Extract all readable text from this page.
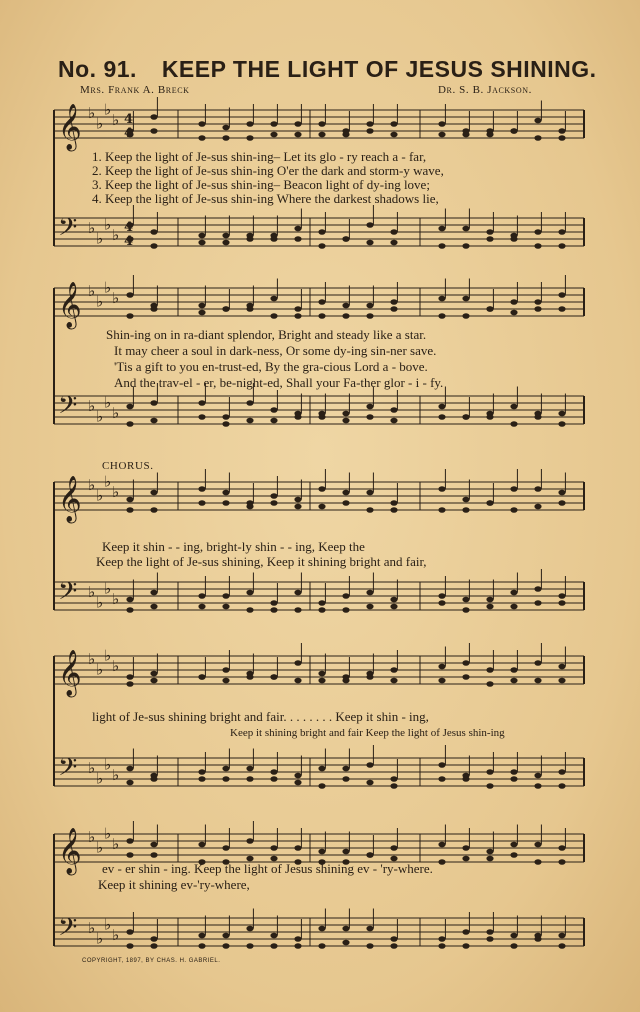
𝄞 ♭
♭
♭
♭
𝄞 ♭
♭
♭
♭
𝄞 ♭
♭
♭
♭
𝄞 ♭
♭
♭
♭
𝄞 ♭
♭
♭
♭
𝄢 ♭
♭
♭
♭
𝄢 ♭
♭
♭
♭
𝄢 ♭
♭
♭
♭
𝄢 ♭
♭
♭
♭
𝄢 ♭
♭
♭
♭
4
4
4
4
No. 91. KEEP THE LIGHT OF JESUS SHINING.
Mrs. Frank A. Breck	Dr. S. B. Jackson.
1. Keep the light of Je-sus shin-ing– Let its glo - ry reach a - far,
2. Keep the light of Je-sus shin-ing O'er the dark and storm-y wave,
3. Keep the light of Je-sus shin-ing– Beacon light of dy-ing love;
4. Keep the light of Je-sus shin-ing Where the darkest shadows lie,
Shin-ing on in ra-diant splendor, Bright and steady like a star.
It may cheer a soul in dark-ness, Or some dy-ing sin-ner save.
'Tis a gift to you en-trust-ed, By the gra-cious Lord a - bove.
And the trav-el - er, be-night-ed, Shall your Fa-ther glor - i - fy.
CHORUS.
Keep it shin - - ing, bright-ly shin - - ing, Keep the
Keep the light of Je-sus shining, Keep it shining bright and fair,
light of Je-sus shining bright and fair. . . . . . . . Keep it shin - ing,
Keep it shining bright and fair Keep the light of Jesus shin-ing
ev - er shin - ing. Keep the light of Jesus shining ev - 'ry-where.
Keep it shining ev-'ry-where,
COPYRIGHT, 1897, BY CHAS. H. GABRIEL.
